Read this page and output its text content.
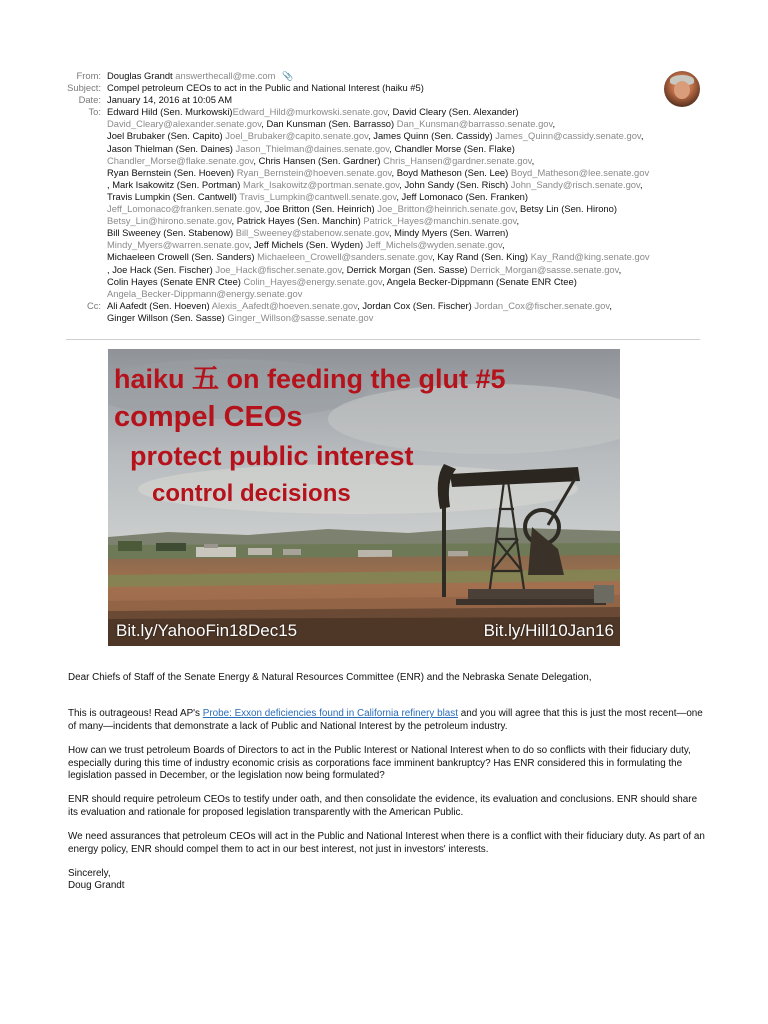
From: Douglas Grandt answerthecall@me.com 📎
Subject: Compel petroleum CEOs to act in the Public and National Interest (haiku #5)
Date: January 14, 2016 at 10:05 AM
To: Edward Hild (Sen. Murkowski)Edward_Hild@murkowski.senate.gov, David Cleary (Sen. Alexander)
David_Cleary@alexander.senate.gov, Dan Kunsman (Sen. Barrasso) Dan_Kunsman@barrasso.senate.gov,
Joel Brubaker (Sen. Capito) Joel_Brubaker@capito.senate.gov, James Quinn (Sen. Cassidy) James_Quinn@cassidy.senate.gov,
Jason Thielman (Sen. Daines) Jason_Thielman@daines.senate.gov, Chandler Morse (Sen. Flake)
Chandler_Morse@flake.senate.gov, Chris Hansen (Sen. Gardner) Chris_Hansen@gardner.senate.gov,
Ryan Bernstein (Sen. Hoeven) Ryan_Bernstein@hoeven.senate.gov, Boyd Matheson (Sen. Lee) Boyd_Matheson@lee.senate.gov
, Mark Isakowitz (Sen. Portman) Mark_Isakowitz@portman.senate.gov, John Sandy (Sen. Risch) John_Sandy@risch.senate.gov,
Travis Lumpkin (Sen. Cantwell) Travis_Lumpkin@cantwell.senate.gov, Jeff Lomonaco (Sen. Franken)
Jeff_Lomonaco@franken.senate.gov, Joe Britton (Sen. Heinrich) Joe_Britton@heinrich.senate.gov, Betsy Lin (Sen. Hirono)
Betsy_Lin@hirono.senate.gov, Patrick Hayes (Sen. Manchin) Patrick_Hayes@manchin.senate.gov,
Bill Sweeney (Sen. Stabenow) Bill_Sweeney@stabenow.senate.gov, Mindy Myers (Sen. Warren)
Mindy_Myers@warren.senate.gov, Jeff Michels (Sen. Wyden) Jeff_Michels@wyden.senate.gov,
Michaeleen Crowell (Sen. Sanders) Michaeleen_Crowell@sanders.senate.gov, Kay Rand (Sen. King) Kay_Rand@king.senate.gov
, Joe Hack (Sen. Fischer) Joe_Hack@fischer.senate.gov, Derrick Morgan (Sen. Sasse) Derrick_Morgan@sasse.senate.gov,
Colin Hayes (Senate ENR Ctee) Colin_Hayes@energy.senate.gov, Angela Becker-Dippmann (Senate ENR Ctee)
Angela_Becker-Dippmann@energy.senate.gov
Cc: Ali Aafedt (Sen. Hoeven) Alexis_Aafedt@hoeven.senate.gov, Jordan Cox (Sen. Fischer) Jordan_Cox@fischer.senate.gov,
Ginger Willson (Sen. Sasse) Ginger_Willson@sasse.senate.gov
haiku 五 on feeding the glut #5
compel CEOs
protect public interest
control decisions
Bit.ly/YahooFin18Dec15	Bit.ly/Hill10Jan16

Dear Chiefs of Staff of the Senate Energy & Natural Resources Committee (ENR) and the Nebraska Senate Delegation,

This is outrageous! Read AP's Probe: Exxon deficiencies found in California refinery blast and you will agree that this is just the most recent—one of many—incidents that demonstrate a lack of Public and National Interest by the petroleum industry.

How can we trust petroleum Boards of Directors to act in the Public Interest or National Interest when to do so conflicts with their fiduciary duty, especially during this time of industry economic crisis as corporations face imminent bankruptcy? Has ENR considered this in formulating the legislation passed in December, or the legislation now being formulated?

ENR should require petroleum CEOs to testify under oath, and then consolidate the evidence, its evaluation and conclusions. ENR should share its evaluation and rationale for proposed legislation transparently with the American Public.

We need assurances that petroleum CEOs will act in the Public and National Interest when there is a conflict with their fiduciary duty. As part of an energy policy, ENR should compel them to act in our best interest, not just in investors' interests.

Sincerely,
Doug Grandt
